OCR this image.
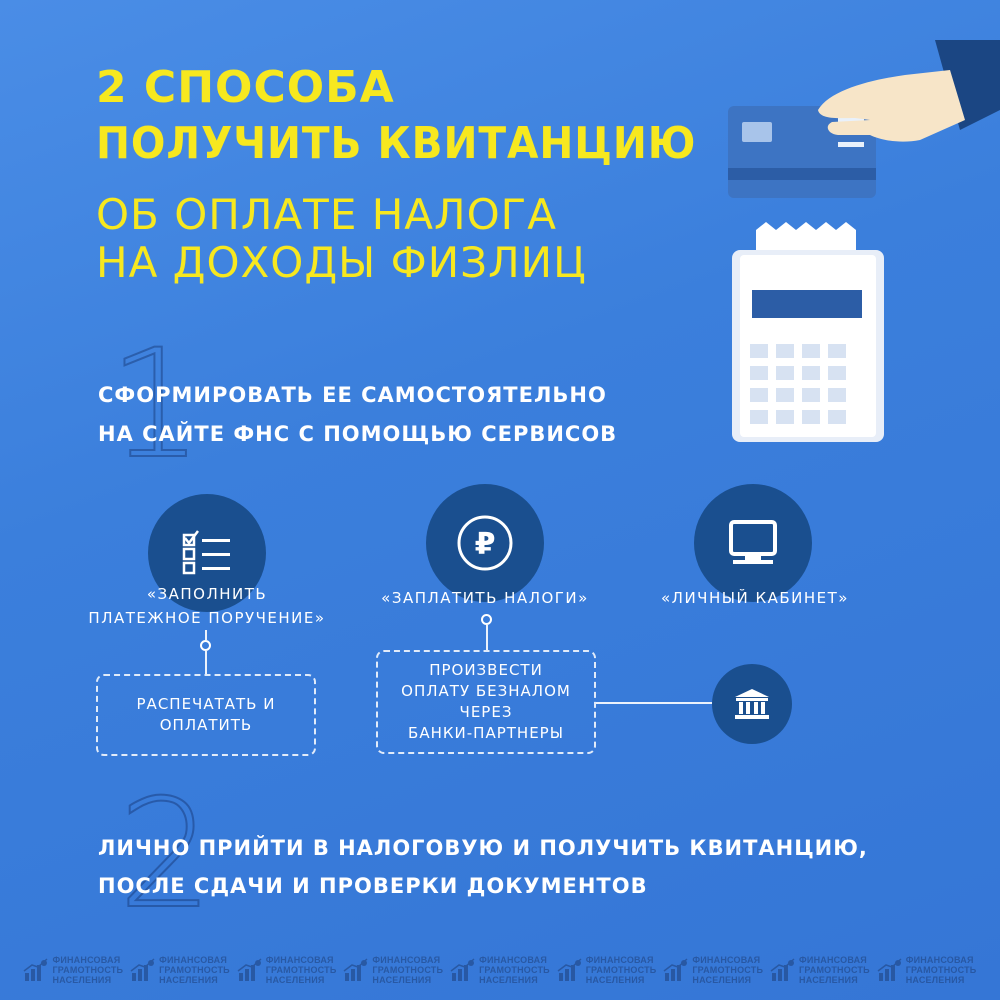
2 СПОСОБА
ПОЛУЧИТЬ КВИТАНЦИЮ
ОБ ОПЛАТЕ НАЛОГА
НА ДОХОДЫ ФИЗЛИЦ
1
СФОРМИРОВАТЬ ЕЕ САМОСТОЯТЕЛЬНО
НА САЙТЕ ФНС С ПОМОЩЬЮ СЕРВИСОВ
₽
«ЗАПОЛНИТЬ
ПЛАТЕЖНОЕ ПОРУЧЕНИЕ»
«ЗАПЛАТИТЬ НАЛОГИ»	«ЛИЧНЫЙ КАБИНЕТ»
РАСПЕЧАТАТЬ И
ОПЛАТИТЬ
ПРОИЗВЕСТИ
ОПЛАТУ БЕЗНАЛОМ
ЧЕРЕЗ
БАНКИ-ПАРТНЕРЫ
2
ЛИЧНО ПРИЙТИ В НАЛОГОВУЮ И ПОЛУЧИТЬ КВИТАНЦИЮ,
ПОСЛЕ СДАЧИ И ПРОВЕРКИ ДОКУМЕНТОВ
ФИНАНСОВАЯ
ГРАМОТНОСТЬ
НАСЕЛЕНИЯ
ФИНАНСОВАЯ
ГРАМОТНОСТЬ
НАСЕЛЕНИЯ
ФИНАНСОВАЯ
ГРАМОТНОСТЬ
НАСЕЛЕНИЯ
ФИНАНСОВАЯ
ГРАМОТНОСТЬ
НАСЕЛЕНИЯ
ФИНАНСОВАЯ
ГРАМОТНОСТЬ
НАСЕЛЕНИЯ
ФИНАНСОВАЯ
ГРАМОТНОСТЬ
НАСЕЛЕНИЯ
ФИНАНСОВАЯ
ГРАМОТНОСТЬ
НАСЕЛЕНИЯ
ФИНАНСОВАЯ
ГРАМОТНОСТЬ
НАСЕЛЕНИЯ
ФИНАНСОВАЯ
ГРАМОТНОСТЬ
НАСЕЛЕНИЯ
